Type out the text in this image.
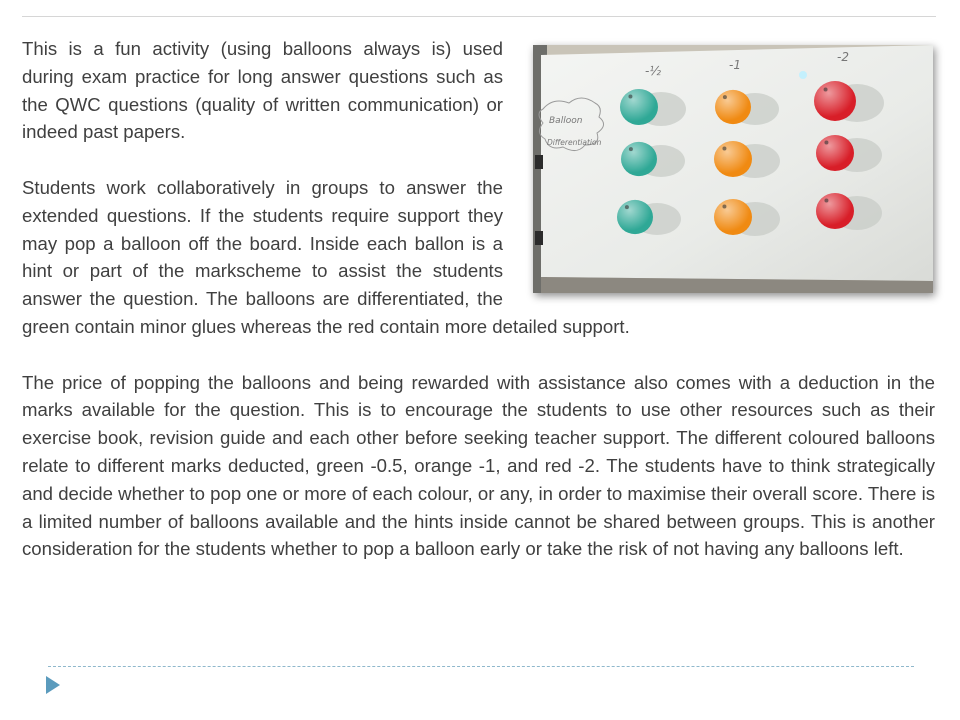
-½	-1
-2
Balloon
Differentiation

This is a fun activity (using balloons always is) used during exam practice for long answer questions such as the QWC questions (quality of written communication) or indeed past papers.

Students work collaboratively in groups to answer the extended questions. If the students require support they may pop a balloon off the board. Inside each ballon is a hint or part of the markscheme to assist the students answer the question. The balloons are differentiated, the green contain minor glues whereas the red contain more detailed support.

The price of popping the balloons and being rewarded with assistance also comes with a deduction in the marks available for the question. This is to encourage the students to use other resources such as their exercise book, revision guide and each other before seeking teacher support. The different coloured balloons relate to different marks deducted, green -0.5, orange -1, and red -2. The students have to think strategically and decide whether to pop one or more of each colour, or any, in order to maximise their overall score. There is a limited number of balloons available and the hints inside cannot be shared between groups. This is another consideration for the students whether to pop a balloon early or take the risk of not having any balloons left.
